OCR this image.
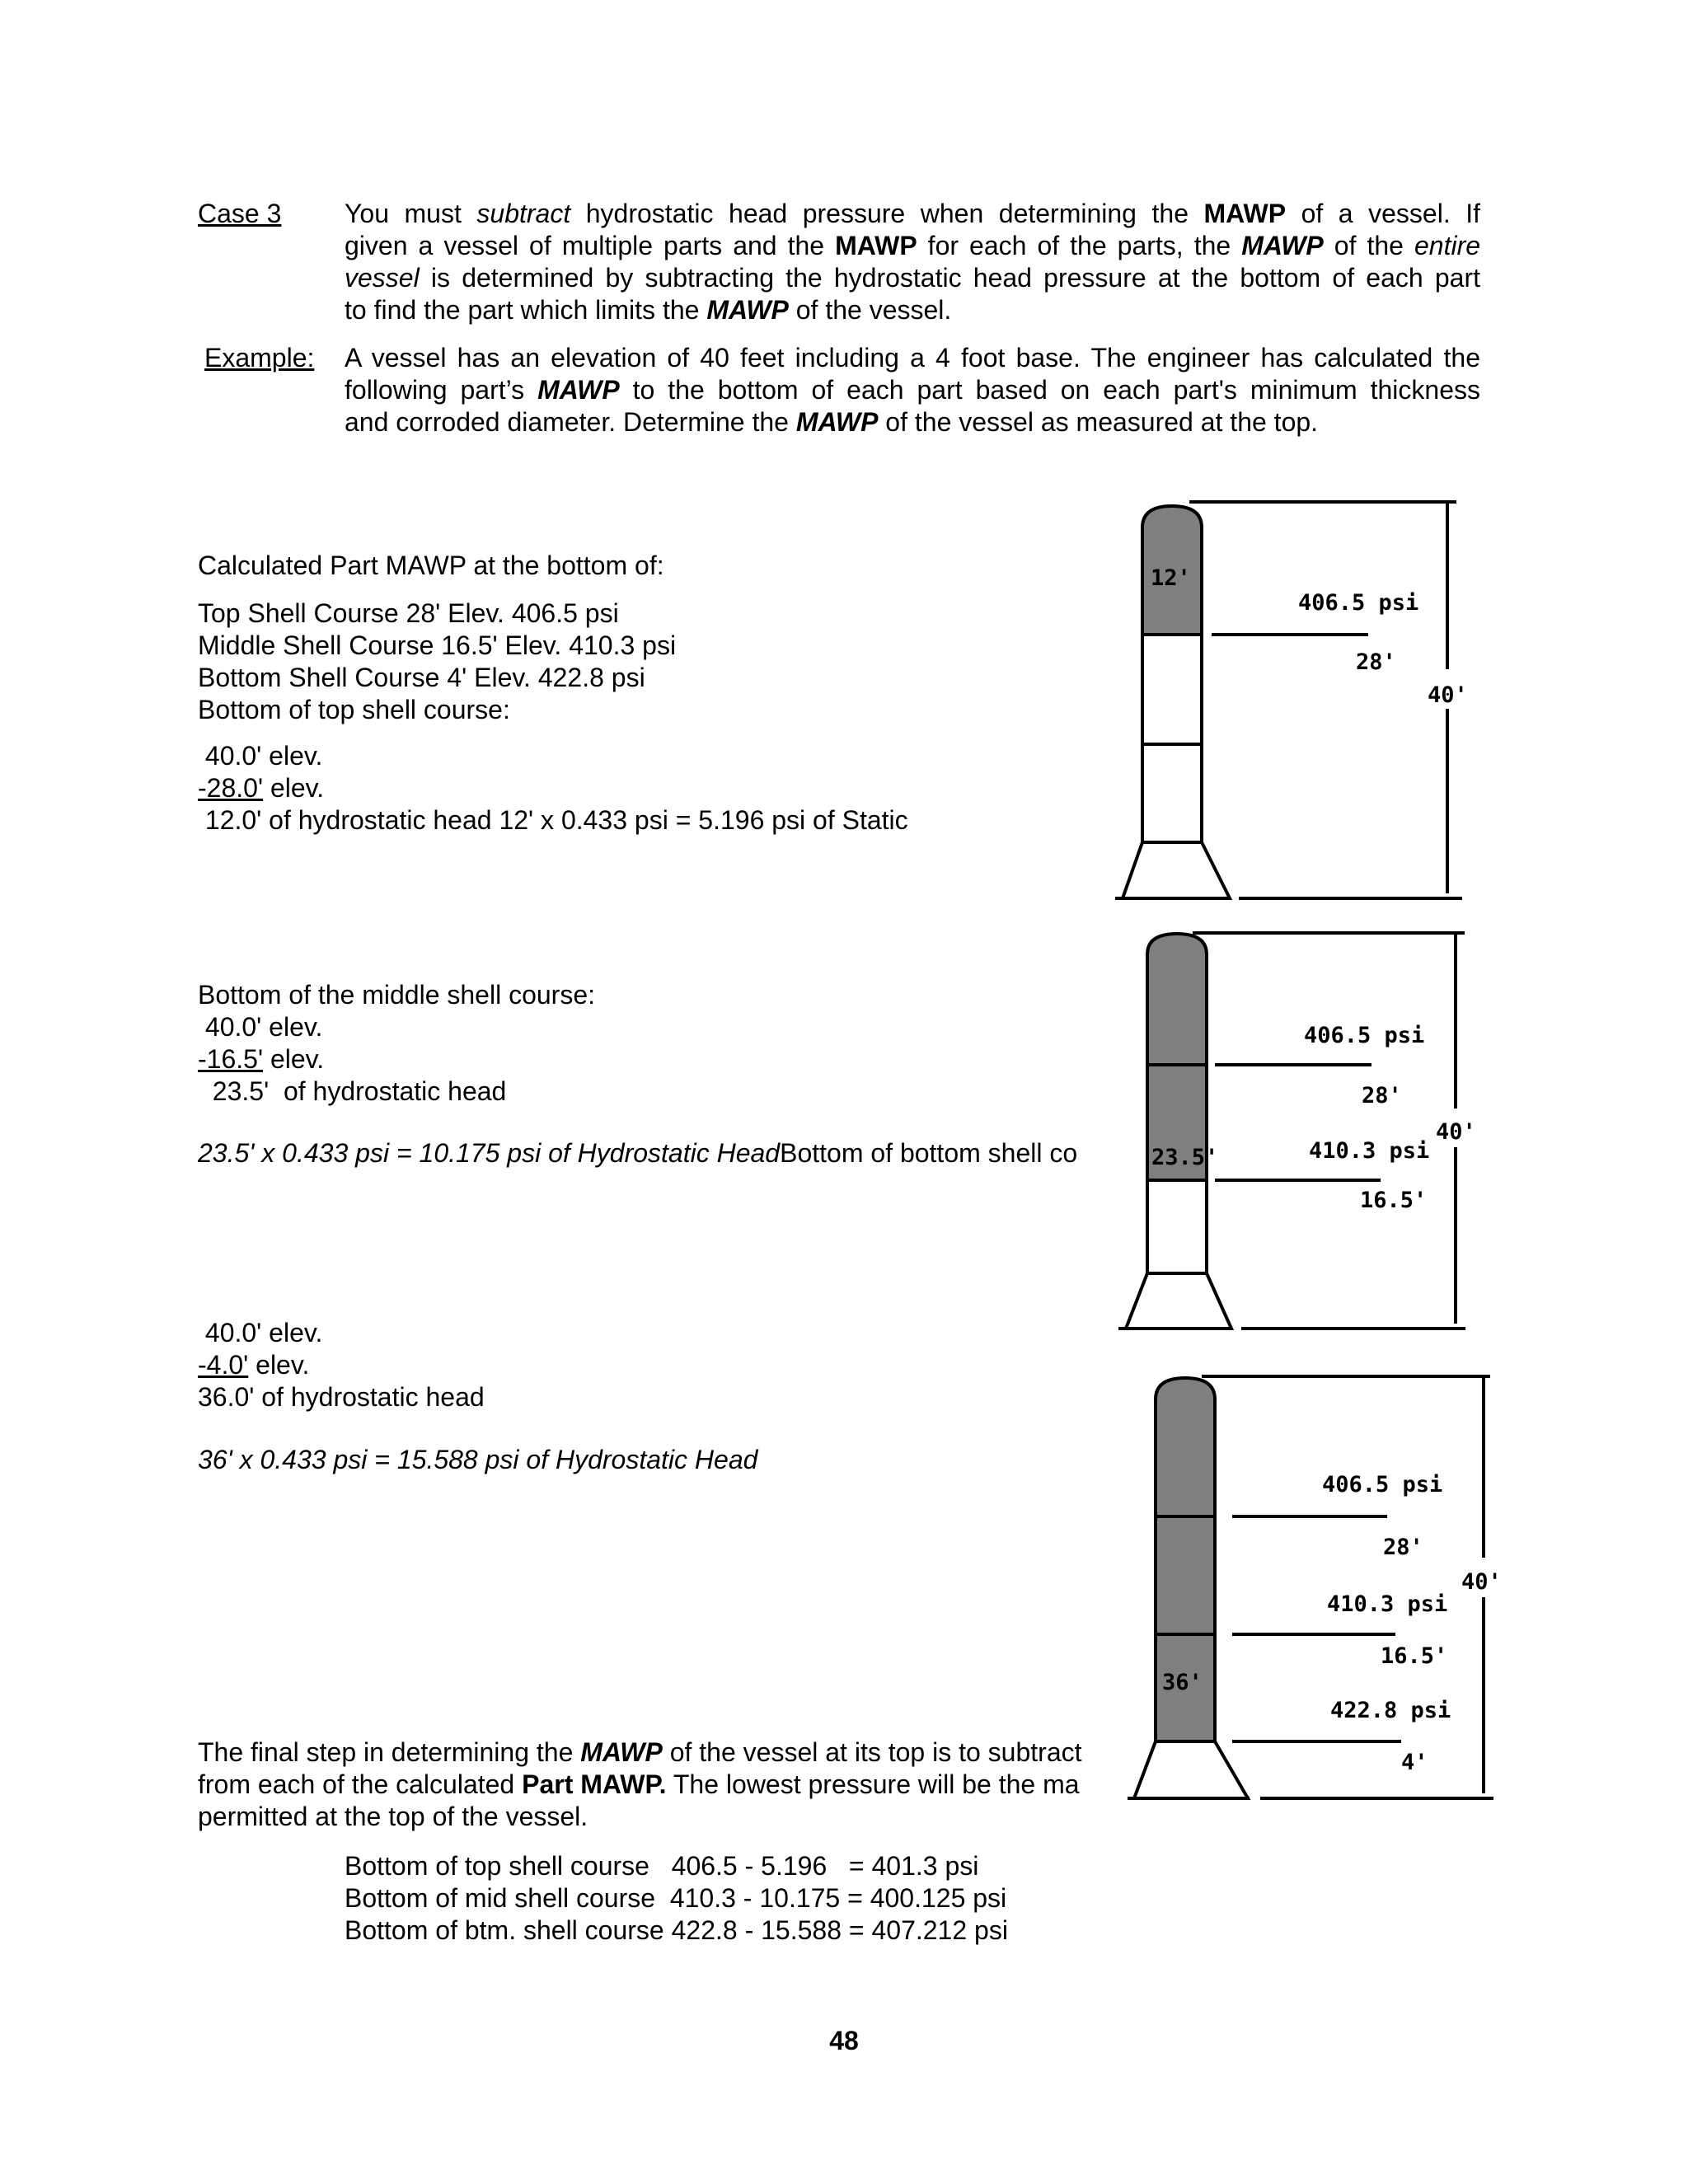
Case 3 You must subtract hydrostatic head pressure when determining the MAWP of a vessel. If
given a vessel of multiple parts and the MAWP for each of the parts, the MAWP of the entire
vessel is determined by subtracting the hydrostatic head pressure at the bottom of each part
to find the part which limits the MAWP of the vessel.
Example: A vessel has an elevation of 40 feet including a 4 foot base. The engineer has calculated the
following part’s MAWP to the bottom of each part based on each part's minimum thickness
and corroded diameter. Determine the MAWP of the vessel as measured at the top.
Calculated Part MAWP at the bottom of:
Top Shell Course 28' Elev. 406.5 psi
Middle Shell Course 16.5' Elev. 410.3 psi
Bottom Shell Course 4' Elev. 422.8 psi
Bottom of top shell course:
40.0' elev.
-28.0' elev.
12.0' of hydrostatic head 12' x 0.433 psi = 5.196 psi of Static
Bottom of the middle shell course:
40.0' elev.
-16.5' elev.
23.5'  of hydrostatic head
23.5' x 0.433 psi = 10.175 psi of Hydrostatic HeadBottom of bottom shell co
40.0' elev.
-4.0' elev.
36.0' of hydrostatic head
36' x 0.433 psi = 15.588 psi of Hydrostatic Head
The final step in determining the MAWP of the vessel at its top is to subtract
from each of the calculated Part MAWP. The lowest pressure will be the ma
permitted at the top of the vessel.
Bottom of top shell course   406.5 - 5.196   = 401.3 psi
Bottom of mid shell course  410.3 - 10.175 = 400.125 psi
Bottom of btm. shell course 422.8 - 15.588 = 407.212 psi
48
12'
406.5 psi
28'
40'
23.5'
406.5 psi
28'
40'
410.3 psi
16.5'
36'
406.5 psi
28'
40'
410.3 psi
16.5'
422.8 psi
4'
